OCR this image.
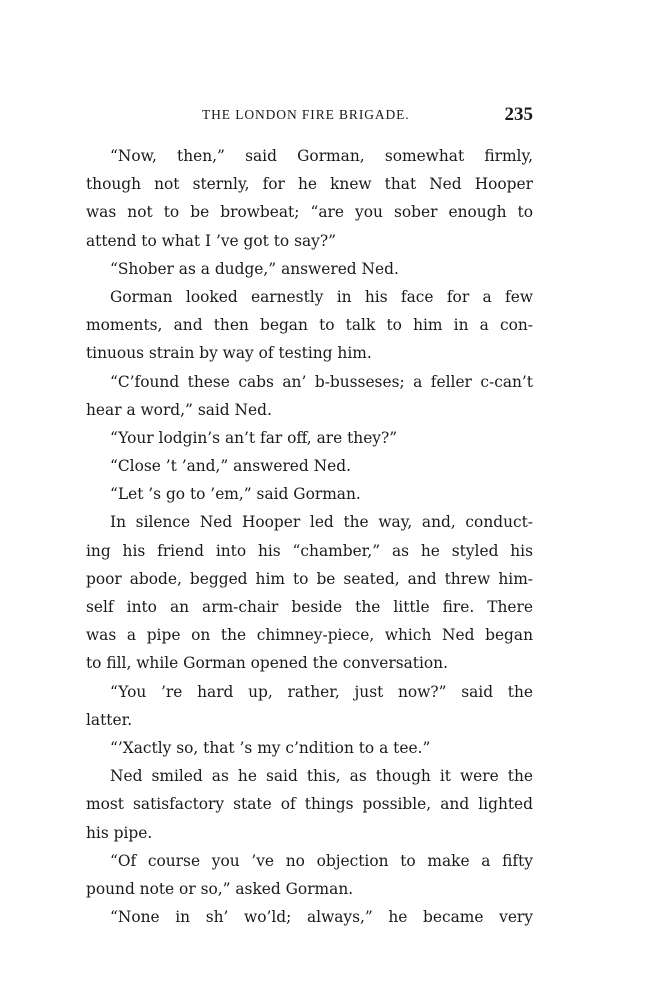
THE LONDON FIRE BRIGADE.	235
“Now, then,” said Gorman, somewhat firmly,
though not sternly, for he knew that Ned Hooper
was not to be browbeat; “are you sober enough to
attend to what I ’ve got to say?”
“Shober as a dudge,” answered Ned.
Gorman looked earnestly in his face for a few
moments, and then began to talk to him in a con-
tinuous strain by way of testing him.
“C’found these cabs an’ b-busseses; a feller c-can’t
hear a word,” said Ned.
“Your lodgin’s an’t far off, are they?”
“Close ’t ’and,” answered Ned.
“Let ’s go to ’em,” said Gorman.
In silence Ned Hooper led the way, and, conduct-
ing his friend into his “chamber,” as he styled his
poor abode, begged him to be seated, and threw him-
self into an arm-chair beside the little fire. There
was a pipe on the chimney-piece, which Ned began
to fill, while Gorman opened the conversation.
“You ’re hard up, rather, just now?” said the
latter.
“’Xactly so, that ’s my c’ndition to a tee.”
Ned smiled as he said this, as though it were the
most satisfactory state of things possible, and lighted
his pipe.
“Of course you ’ve no objection to make a fifty
pound note or so,” asked Gorman.
“None in sh’ wo’ld; always,” he became very
